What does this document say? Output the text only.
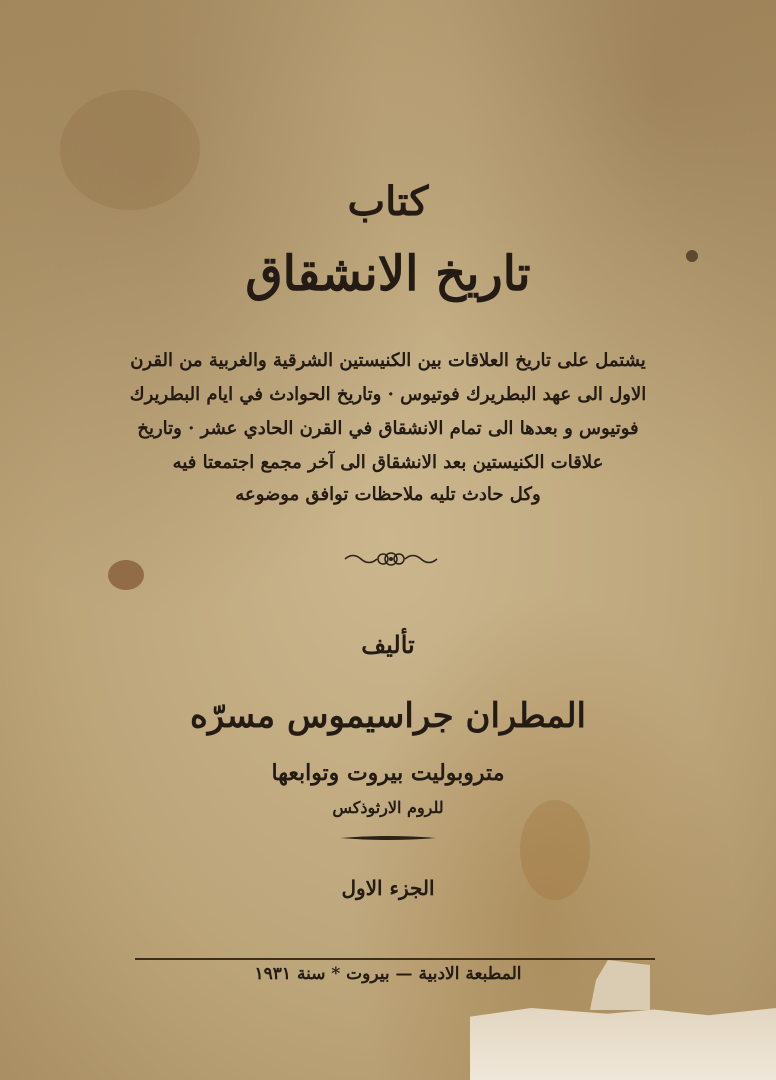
كتاب
تاريخ الانشقاق
يشتمل على تاريخ العلاقات بين الكنيستين الشرقية والغربية من القرن
الاول الى عهد البطريرك فوتيوس · وتاريخ الحوادث في ايام البطريرك
فوتيوس و بعدها الى تمام الانشقاق في القرن الحادي عشر · وتاريخ
علاقات الكنيستين بعد الانشقاق الى آخر مجمع اجتمعتا فيه
وكل حادث تليه ملاحظات توافق موضوعه
تأليف
المطران جراسيموس مسرّه
متروبوليت بيروت وتوابعها
للروم الارثوذكس
الجزء الاول
المطبعة الادبية — بيروت * سنة ١٩٣١
